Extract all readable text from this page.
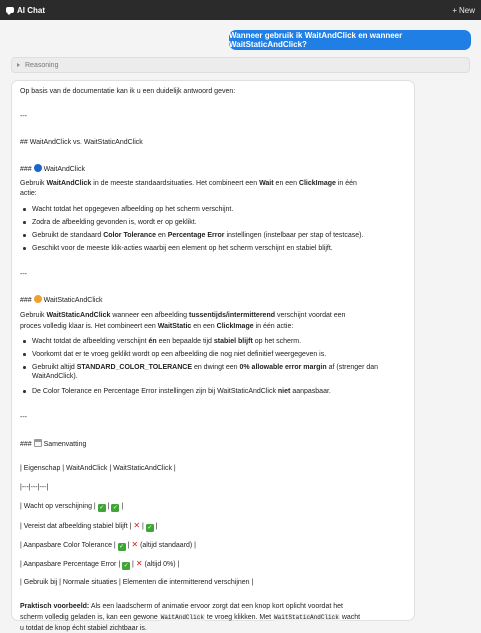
AI Chat	+ New
Wanneer gebruik ik WaitAndClick en wanneer WaitStaticAndClick?
Reasoning
Op basis van de documentatie kan ik u een duidelijk antwoord geven:
---
## WaitAndClick vs. WaitStaticAndClick
### WaitAndClick
Gebruik WaitAndClick in de meeste standaardsituaties. Het combineert een Wait en een ClickImage in één
actie:
Wacht totdat het opgegeven afbeelding op het scherm verschijnt.
Zodra de afbeelding gevonden is, wordt er op geklikt.
Gebruikt de standaard Color Tolerance en Percentage Error instellingen (instelbaar per stap of testcase).
Geschikt voor de meeste klik-acties waarbij een element op het scherm verschijnt en stabiel blijft.
---
### WaitStaticAndClick
Gebruik WaitStaticAndClick wanneer een afbeelding tussentijds/intermitterend verschijnt voordat een
proces volledig klaar is. Het combineert een WaitStatic en een ClickImage in één actie:
Wacht totdat de afbeelding verschijnt én een bepaalde tijd stabiel blijft op het scherm.
Voorkomt dat er te vroeg geklikt wordt op een afbeelding die nog niet definitief weergegeven is.
Gebruikt altijd STANDARD_COLOR_TOLERANCE en dwingt een 0% allowable error margin af (strenger dan
WaitAndClick).
De Color Tolerance en Percentage Error instellingen zijn bij WaitStaticAndClick niet aanpasbaar.
---
### Samenvatting
| Eigenschap | WaitAndClick | WaitStaticAndClick |
|---|---|---|
| Wacht op verschijning | ✓ | ✓ |
| Vereist dat afbeelding stabiel blijft | ✕ | ✓ |
| Aanpasbare Color Tolerance | ✓ | ✕ (altijd standaard) |
| Aanpasbare Percentage Error | ✓ | ✕ (altijd 0%) |
| Gebruik bij | Normale situaties | Elementen die intermitterend verschijnen |
Praktisch voorbeeld: Als een laadscherm of animatie ervoor zorgt dat een knop kort oplicht voordat het
scherm volledig geladen is, kan een gewone WaitAndClick te vroeg klikken. Met WaitStaticAndClick wacht
u totdat de knop écht stabiel zichtbaar is.
